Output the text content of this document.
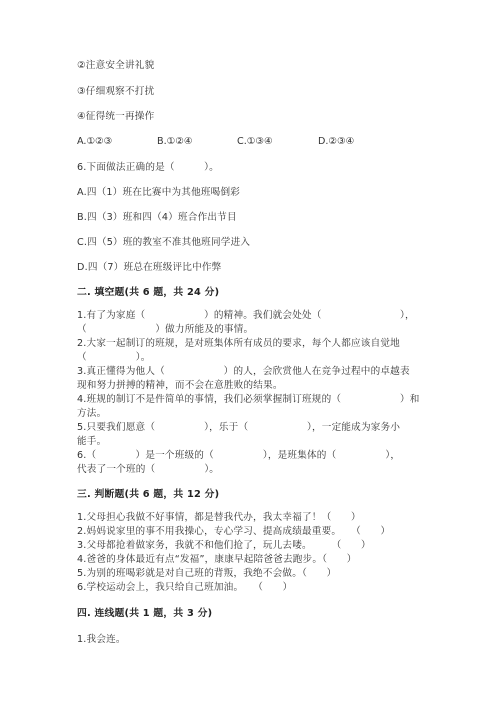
②注意安全讲礼貌
③仔细观察不打扰
④征得统一再操作
A.①②③	B.①②④	C.①③④	D.②③④
6.下面做法正确的是（　　　）。
A.四（1）班在比赛中为其他班喝倒彩
B.四（3）班和四（4）班合作出节目
C.四（5）班的教室不准其他班同学进入
D.四（7）班总在班级评比中作弊
二. 填空题(共 6 题，共 24 分)
1.有了为家庭（　　　　　　）的精神。我们就会处处（　　　　　　　　），
（　　　　　　　）做力所能及的事情。
2.大家一起制订的班规，是对班集体所有成员的要求，每个人都应该自觉地
（　　　　　）。
3.真正懂得为他人（　　　　　　）的人，会欣赏他人在竞争过程中的卓越表
现和努力拼搏的精神，而不会在意胜败的结果。
4.班规的制订不是件简单的事情，我们必须掌握制订班规的（　　　　　　）和
方法。
5.只要我们愿意（　　　　　），乐于（　　　　　　），一定能成为家务小
能手。
6.（　　　　）是一个班级的（　　　　　），是班集体的（　　　　　），
代表了一个班的（　　　　　）。
三. 判断题(共 6 题，共 12 分)
1.父母担心我做不好事情，都是替我代办，我太幸福了！（　　）
2.妈妈说家里的事不用我操心，专心学习、提高成绩最重要。　　（　　）
3.父母都抢着做家务，我就不和他们抢了，玩儿去喽。　　　（　　）
4.爸爸的身体最近有点“发福”，康康早起陪爸爸去跑步。（　　）
5.为别的班喝彩就是对自己班的背叛，我绝不会做。（　　）
6.学校运动会上，我只给自己班加油。　　（　　）
四. 连线题(共 1 题，共 3 分)
1.我会连。
